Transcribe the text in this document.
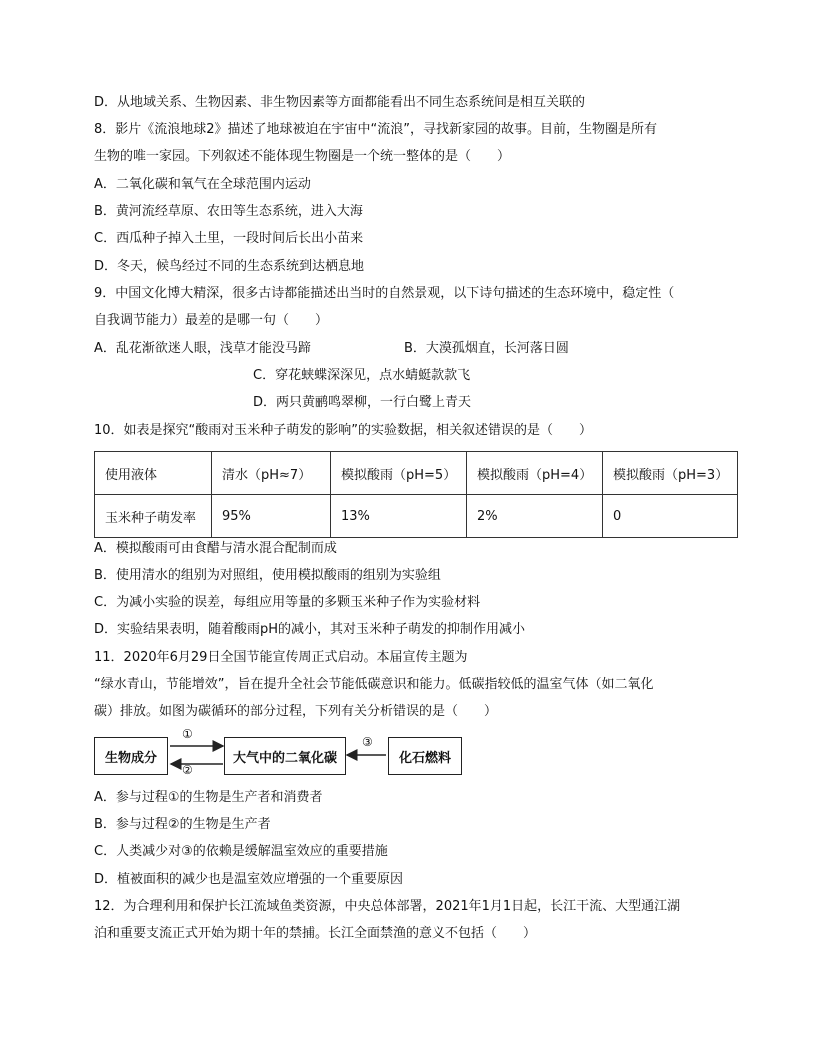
D．从地域关系、生物因素、非生物因素等方面都能看出不同生态系统间是相互关联的
8．影片《流浪地球2》描述了地球被迫在宇宙中“流浪”，寻找新家园的故事。目前，生物圈是所有
生物的唯一家园。下列叙述不能体现生物圈是一个统一整体的是（　　）
A．二氧化碳和氧气在全球范围内运动
B．黄河流经草原、农田等生态系统，进入大海
C．西瓜种子掉入土里，一段时间后长出小苗来
D．冬天，候鸟经过不同的生态系统到达栖息地
9．中国文化博大精深，很多古诗都能描述出当时的自然景观，以下诗句描述的生态环境中，稳定性（
自我调节能力）最差的是哪一句（　　）
A．乱花渐欲迷人眼，浅草才能没马蹄	B．大漠孤烟直，长河落日圆
C．穿花蛱蝶深深见，点水蜻蜓款款飞
D．两只黄鹂鸣翠柳，一行白鹭上青天
10．如表是探究“酸雨对玉米种子萌发的影响”的实验数据，相关叙述错误的是（　　）
使用液体	清水（pH≈7）	模拟酸雨（pH=5）	模拟酸雨（pH=4）	模拟酸雨（pH=3）
玉米种子萌发率	95%	13%	2%	0
A．模拟酸雨可由食醋与清水混合配制而成
B．使用清水的组别为对照组，使用模拟酸雨的组别为实验组
C．为减小实验的误差，每组应用等量的多颗玉米种子作为实验材料
D．实验结果表明，随着酸雨pH的减小，其对玉米种子萌发的抑制作用减小
11．2020年6月29日全国节能宣传周正式启动。本届宣传主题为
“绿水青山，节能增效”，旨在提升全社会节能低碳意识和能力。低碳指较低的温室气体（如二氧化
碳）排放。如图为碳循环的部分过程，下列有关分析错误的是（　　）
生物成分	大气中的二氧化碳	化石燃料
①
②
③
A．参与过程①的生物是生产者和消费者
B．参与过程②的生物是生产者
C．人类减少对③的依赖是缓解温室效应的重要措施
D．植被面积的减少也是温室效应增强的一个重要原因
12．为合理利用和保护长江流域鱼类资源，中央总体部署，2021年1月1日起，长江干流、大型通江湖
泊和重要支流正式开始为期十年的禁捕。长江全面禁渔的意义不包括（　　）
